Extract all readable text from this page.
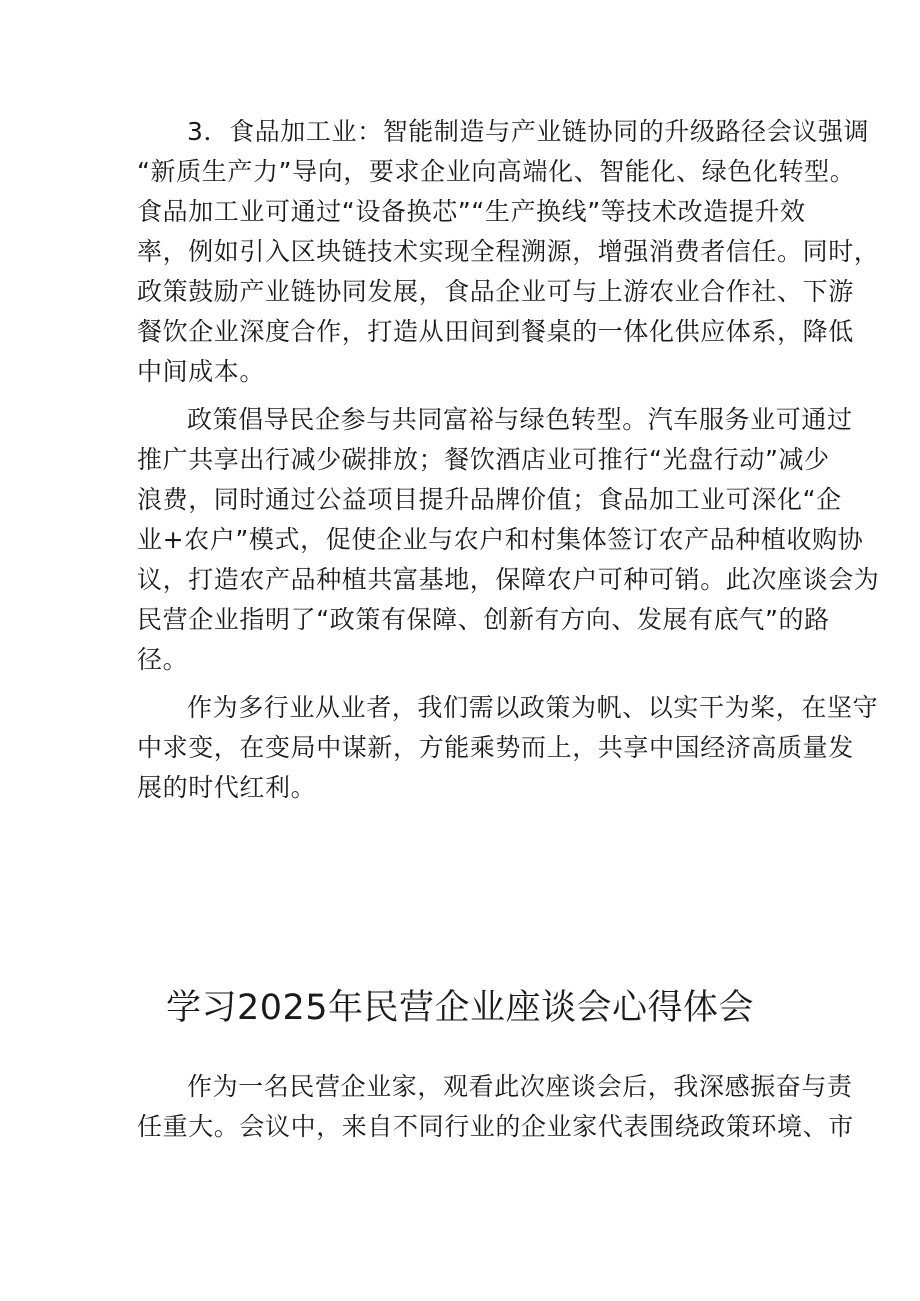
3．食品加工业：智能制造与产业链协同的升级路径会议强调
“新质生产力”导向，要求企业向高端化、智能化、绿色化转型。
食品加工业可通过“设备换芯”“生产换线”等技术改造提升效
率，例如引入区块链技术实现全程溯源，增强消费者信任。同时，
政策鼓励产业链协同发展，食品企业可与上游农业合作社、下游
餐饮企业深度合作，打造从田间到餐桌的一体化供应体系，降低
中间成本。
政策倡导民企参与共同富裕与绿色转型。汽车服务业可通过
推广共享出行减少碳排放；餐饮酒店业可推行“光盘行动”减少
浪费，同时通过公益项目提升品牌价值；食品加工业可深化“企
业+农户”模式，促使企业与农户和村集体签订农产品种植收购协
议，打造农产品种植共富基地，保障农户可种可销。此次座谈会为
民营企业指明了“政策有保障、创新有方向、发展有底气”的路
径。
作为多行业从业者，我们需以政策为帆、以实干为桨，在坚守
中求变，在变局中谋新，方能乘势而上，共享中国经济高质量发
展的时代红利。
学习2025年民营企业座谈会心得体会
作为一名民营企业家，观看此次座谈会后，我深感振奋与责
任重大。会议中，来自不同行业的企业家代表围绕政策环境、市
